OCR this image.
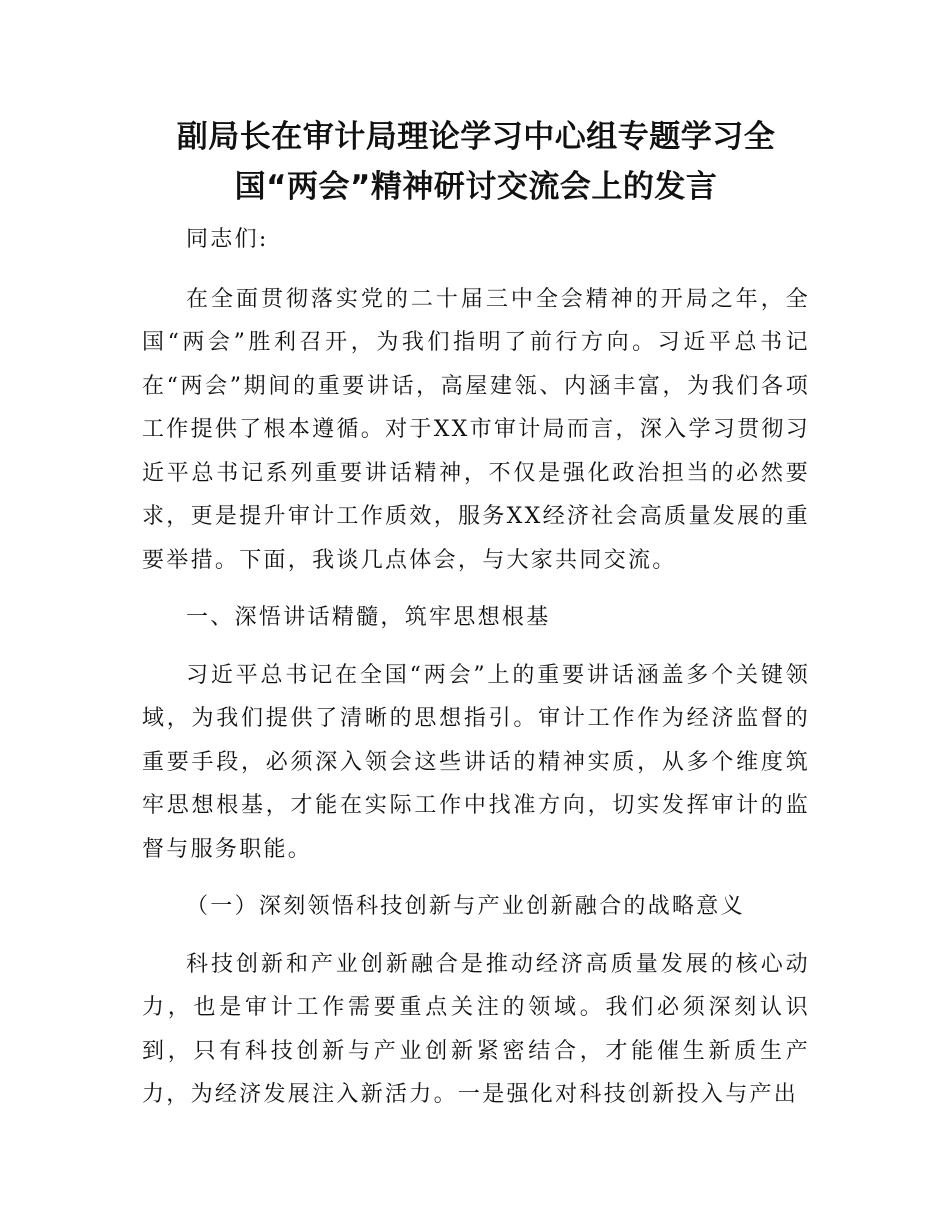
副局长在审计局理论学习中心组专题学习全
国“两会”精神研讨交流会上的发言

同志们:

在全面贯彻落实党的二十届三中全会精神的开局之年，全国“两会”胜利召开，为我们指明了前行方向。习近平总书记在“两会”期间的重要讲话，高屋建瓴、内涵丰富，为我们各项工作提供了根本遵循。对于XX市审计局而言，深入学习贯彻习近平总书记系列重要讲话精神，不仅是强化政治担当的必然要求，更是提升审计工作质效，服务XX经济社会高质量发展的重要举措。下面，我谈几点体会，与大家共同交流。

一、深悟讲话精髓，筑牢思想根基

习近平总书记在全国“两会”上的重要讲话涵盖多个关键领域，为我们提供了清晰的思想指引。审计工作作为经济监督的重要手段，必须深入领会这些讲话的精神实质，从多个维度筑牢思想根基，才能在实际工作中找准方向，切实发挥审计的监督与服务职能。

（一）深刻领悟科技创新与产业创新融合的战略意义

科技创新和产业创新融合是推动经济高质量发展的核心动力，也是审计工作需要重点关注的领域。我们必须深刻认识到，只有科技创新与产业创新紧密结合，才能催生新质生产力，为经济发展注入新活力。一是强化对科技创新投入与产出
